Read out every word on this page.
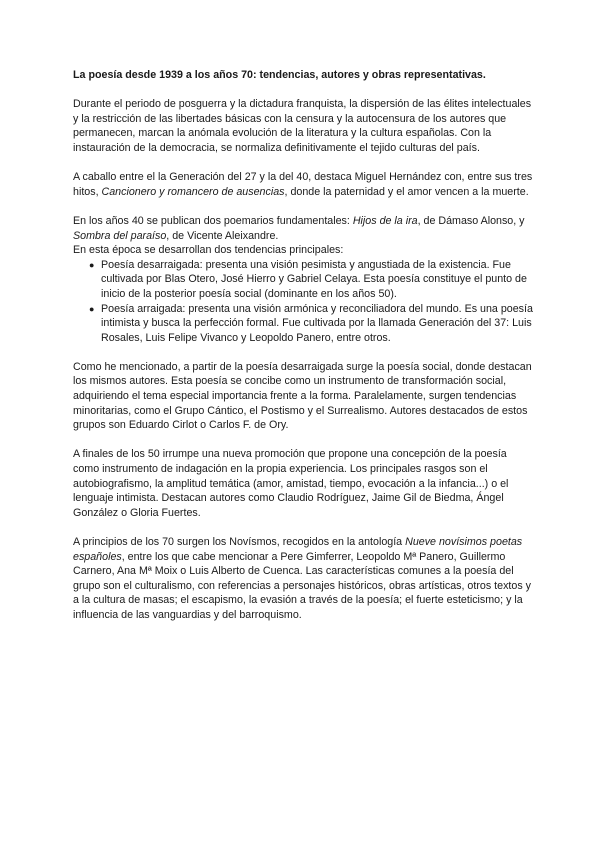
La poesía desde 1939 a los años 70: tendencias, autores y obras representativas.

Durante el periodo de posguerra y la dictadura franquista, la dispersión de las élites intelectuales y la restricción de las libertades básicas con la censura y la autocensura de los autores que permanecen, marcan la anómala evolución de la literatura y la cultura españolas. Con la instauración de la democracia, se normaliza definitivamente el tejido culturas del país.

A caballo entre el la Generación del 27 y la del 40, destaca Miguel Hernández con, entre sus tres hitos, Cancionero y romancero de ausencias, donde la paternidad y el amor vencen a la muerte.

En los años 40 se publican dos poemarios fundamentales: Hijos de la ira, de Dámaso Alonso, y Sombra del paraíso, de Vicente Aleixandre.

En esta época se desarrollan dos tendencias principales:

● Poesía desarraigada: presenta una visión pesimista y angustiada de la existencia. Fue cultivada por Blas Otero, José Hierro y Gabriel Celaya. Esta poesía constituye el punto de inicio de la posterior poesía social (dominante en los años 50).
● Poesía arraigada: presenta una visión armónica y reconciliadora del mundo. Es una poesía intimista y busca la perfección formal. Fue cultivada por la llamada Generación del 37: Luis Rosales, Luis Felipe Vivanco y Leopoldo Panero, entre otros.

Como he mencionado, a partir de la poesía desarraigada surge la poesía social, donde destacan los mismos autores. Esta poesía se concibe como un instrumento de transformación social, adquiriendo el tema especial importancia frente a la forma. Paralelamente, surgen tendencias minoritarias, como el Grupo Cántico, el Postismo y el Surrealismo. Autores destacados de estos grupos son Eduardo Cirlot o Carlos F. de Ory.

A finales de los 50 irrumpe una nueva promoción que propone una concepción de la poesía como instrumento de indagación en la propia experiencia. Los principales rasgos son el autobiografismo, la amplitud temática (amor, amistad, tiempo, evocación a la infancia...) o el lenguaje intimista. Destacan autores como Claudio Rodríguez, Jaime Gil de Biedma, Ángel González o Gloria Fuertes.

A principios de los 70 surgen los Novísmos, recogidos en la antología Nueve novísimos poetas españoles, entre los que cabe mencionar a Pere Gimferrer, Leopoldo Mª Panero, Guillermo Carnero, Ana Mª Moix o Luis Alberto de Cuenca. Las características comunes a la poesía del grupo son el culturalismo, con referencias a personajes históricos, obras artísticas, otros textos y a la cultura de masas; el escapismo, la evasión a través de la poesía; el fuerte esteticismo; y la influencia de las vanguardias y del barroquismo.
